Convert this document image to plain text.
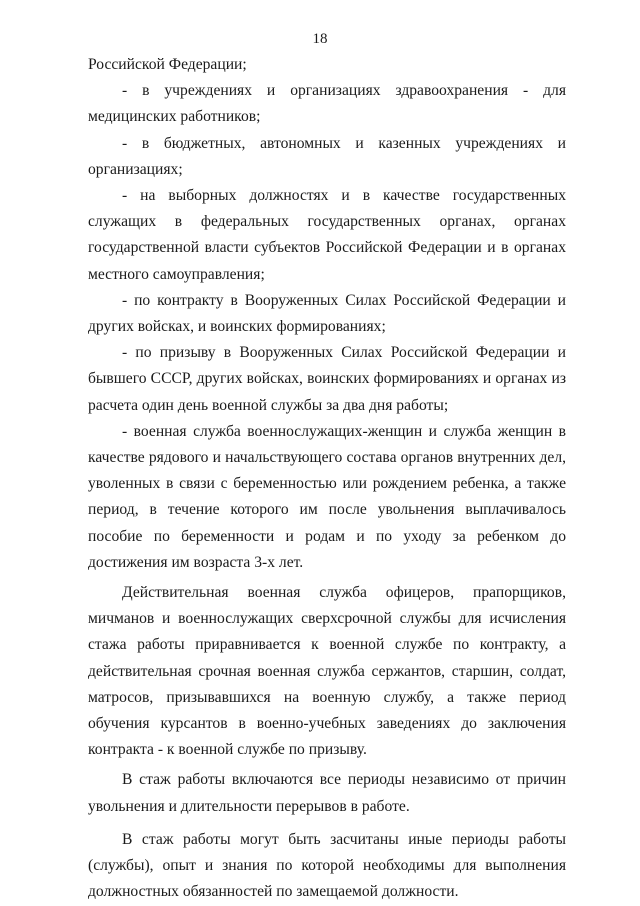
18

Российской Федерации;

- в учреждениях и организациях здравоохранения - для медицинских работников;

- в бюджетных, автономных и казенных учреждениях и организациях;

- на выборных должностях и в качестве государственных служащих в федеральных государственных органах, органах государственной власти субъектов Российской Федерации и в органах местного самоуправления;

- по контракту в Вооруженных Силах Российской Федерации и других войсках, и воинских формированиях;

- по призыву в Вооруженных Силах Российской Федерации и бывшего СССР, других войсках, воинских формированиях и органах из расчета один день военной службы за два дня работы;

- военная служба военнослужащих-женщин и служба женщин в качестве рядового и начальствующего состава органов внутренних дел, уволенных в связи с беременностью или рождением ребенка, а также период, в течение которого им после увольнения выплачивалось пособие по беременности и родам и по уходу за ребенком до достижения им возраста 3-х лет.

Действительная военная служба офицеров, прапорщиков, мичманов и военнослужащих сверхсрочной службы для исчисления стажа работы приравнивается к военной службе по контракту, а действительная срочная военная служба сержантов, старшин, солдат, матросов, призывавшихся на военную службу, а также период обучения курсантов в военно-учебных заведениях до заключения контракта - к военной службе по призыву.

В стаж работы включаются все периоды независимо от причин увольнения и длительности перерывов в работе.

В стаж работы могут быть засчитаны иные периоды работы (службы), опыт и знания по которой необходимы для выполнения должностных обязанностей по замещаемой должности.
